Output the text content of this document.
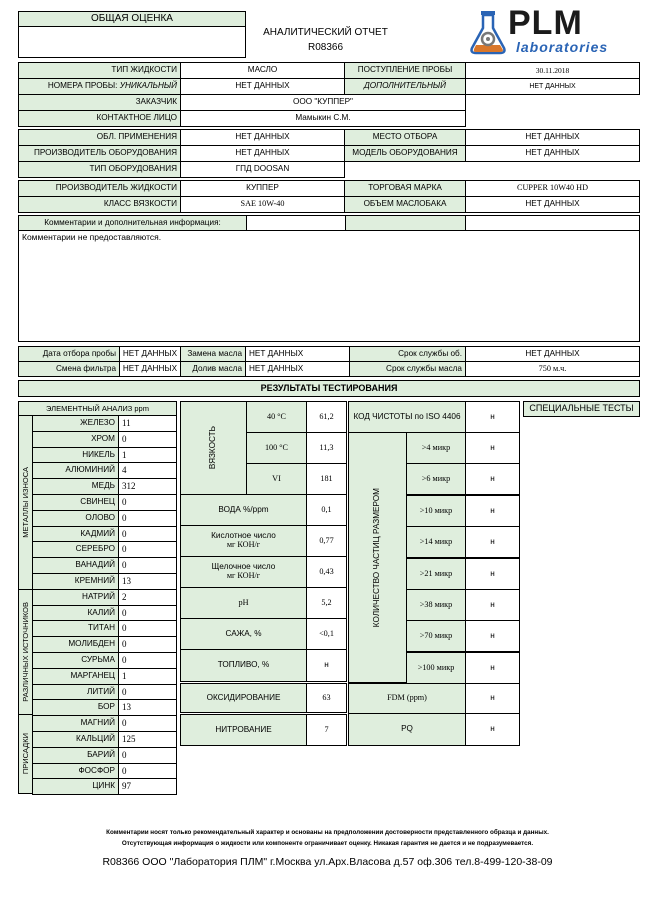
ОБЩАЯ ОЦЕНКА
АНАЛИТИЧЕСКИЙ ОТЧЕТ
R08366
PLM
laboratories
ТИП ЖИДКОСТИ	МАСЛО	ПОСТУПЛЕНИЕ ПРОБЫ	30.11.2018
НОМЕРА ПРОБЫ:
УНИКАЛЬНЫЙ	НЕТ ДАННЫХ	ДОПОЛНИТЕЛЬНЫЙ	НЕТ ДАННЫХ
ЗАКАЗЧИК	ООО "КУППЕР"
КОНТАКТНОЕ ЛИЦО	Мамыкин С.М.
ОБЛ. ПРИМЕНЕНИЯ	НЕТ ДАННЫХ	МЕСТО ОТБОРА	НЕТ ДАННЫХ
ПРОИЗВОДИТЕЛЬ ОБОРУДОВАНИЯ	НЕТ ДАННЫХ	МОДЕЛЬ ОБОРУДОВАНИЯ	НЕТ ДАННЫХ
ТИП ОБОРУДОВАНИЯ	ГПД DOOSAN
ПРОИЗВОДИТЕЛЬ ЖИДКОСТИ	КУППЕР	ТОРГОВАЯ МАРКА	CUPPER 10W40 HD
КЛАСС ВЯЗКОСТИ	SAE 10W-40	ОБЪЕМ МАСЛОБАКА	НЕТ ДАННЫХ
Комментарии и дополнительная информация:
Комментарии не предоставляются.
Дата отбора пробы НЕТ ДАННЫХ	Замена масла НЕТ ДАННЫХ	Срок службы об.	НЕТ ДАННЫХ
Смена фильтра НЕТ ДАННЫХ	Долив масла НЕТ ДАННЫХ	Срок службы масла	750 м.ч.
РЕЗУЛЬТАТЫ ТЕСТИРОВАНИЯ
ЭЛЕМЕНТНЫЙ АНАЛИЗ ppm
МЕТАЛЛЫ ИЗНОСА
РАЗЛИЧНЫХ ИСТОЧНИКОВ
ПРИСАДКИ
ЖЕЛЕЗО 11
ХРОМ 0
НИКЕЛЬ 1
АЛЮМИНИЙ 4
МЕДЬ 312
СВИНЕЦ 0
ОЛОВО 0
КАДМИЙ 0
СЕРЕБРО 0
ВАНАДИЙ 0
КРЕМНИЙ 13
НАТРИЙ 2
КАЛИЙ 0
ТИТАН 0
МОЛИБДЕН 0
СУРЬМА 0
МАРГАНЕЦ 1
ЛИТИЙ 0
БОР 13
МАГНИЙ 0
КАЛЬЦИЙ 125
БАРИЙ 0
ФОСФОР 0
ЦИНК 97
ВЯЗКОСТЬ
40 °С	61,2
100 °С	11,3
VI	181
ВОДА %/ppm	0,1
Кислотное число
мг КОН/г	0,77
Щелочное число
мг КОН/г	0,43
pH	5,2
САЖА, %	<0,1
ТОПЛИВО, %	н
ОКСИДИРОВАНИЕ	63
НИТРОВАНИЕ	7
КОД ЧИСТОТЫ по ISO 4406	н
КОЛИЧЕСТВО ЧАСТИЦ РАЗМЕРОМ
>4 микр	н
>6 микр	н
>10 микр	н
>14 микр	н
>21 микр	н
>38 микр	н
>70 микр	н
>100 микр	н
FDM (ppm)	н
PQ	н
СПЕЦИАЛЬНЫЕ ТЕСТЫ
Комментарии носят только рекомендательный характер и основаны на предположении достоверности представленного образца и данных.
Отсутствующая информация о жидкости или компоненте ограничивает оценку. Никакая гарантия не дается и не подразумевается.
R08366 ООО "Лаборатория ПЛМ" г.Москва ул.Арх.Власова д.57 оф.306 тел.8-499-120-38-09
